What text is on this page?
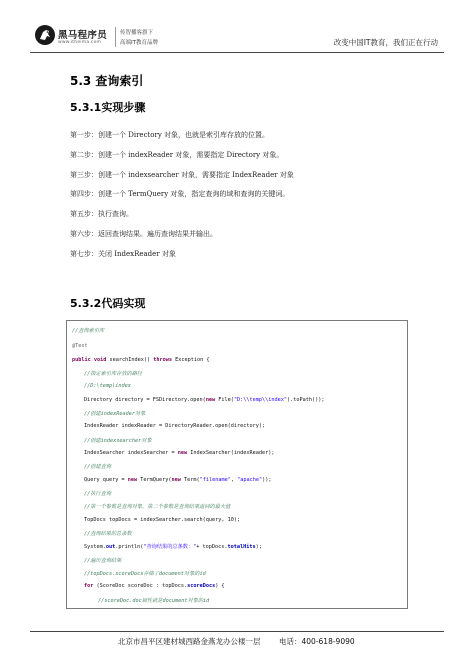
黑马程序员
www.itheima.com
传智播客旗下
高端IT教育品牌	改变中国IT教育，我们正在行动
5.3 查询索引
5.3.1实现步骤
第一步：创建一个 Directory 对象，也就是索引库存放的位置。
第二步：创建一个 indexReader 对象，需要指定 Directory 对象。
第三步：创建一个 indexsearcher 对象，需要指定 IndexReader 对象
第四步：创建一个 TermQuery 对象，指定查询的域和查询的关键词。
第五步：执行查询。
第六步：返回查询结果。遍历查询结果并输出。
第七步：关闭 IndexReader 对象
5.3.2代码实现
//查询索引库
@Test
public void searchIndex() throws Exception {
//指定索引库存放的路径
//D:\temp\index
Directory directory = FSDirectory.open(new File("D:\\temp\\index").toPath());
//创建indexReader对象
IndexReader indexReader = DirectoryReader.open(directory);
//创建indexsearcher对象
IndexSearcher indexSearcher = new IndexSearcher(indexReader);
//创建查询
Query query = new TermQuery(new Term("filename", "apache"));
//执行查询
//第一个参数是查询对象，第二个参数是查询结果返回的最大值
TopDocs topDocs = indexSearcher.search(query, 10);
//查询结果的总条数
System.out.println("查询结果的总条数："+ topDocs.totalHits);
//遍历查询结果
//topDocs.scoreDocs存储了document对象的id
for (ScoreDoc scoreDoc : topDocs.scoreDocs) {
//scoreDoc.doc属性就是document对象的id
北京市昌平区建材城西路金燕龙办公楼一层 电话：400-618-9090
